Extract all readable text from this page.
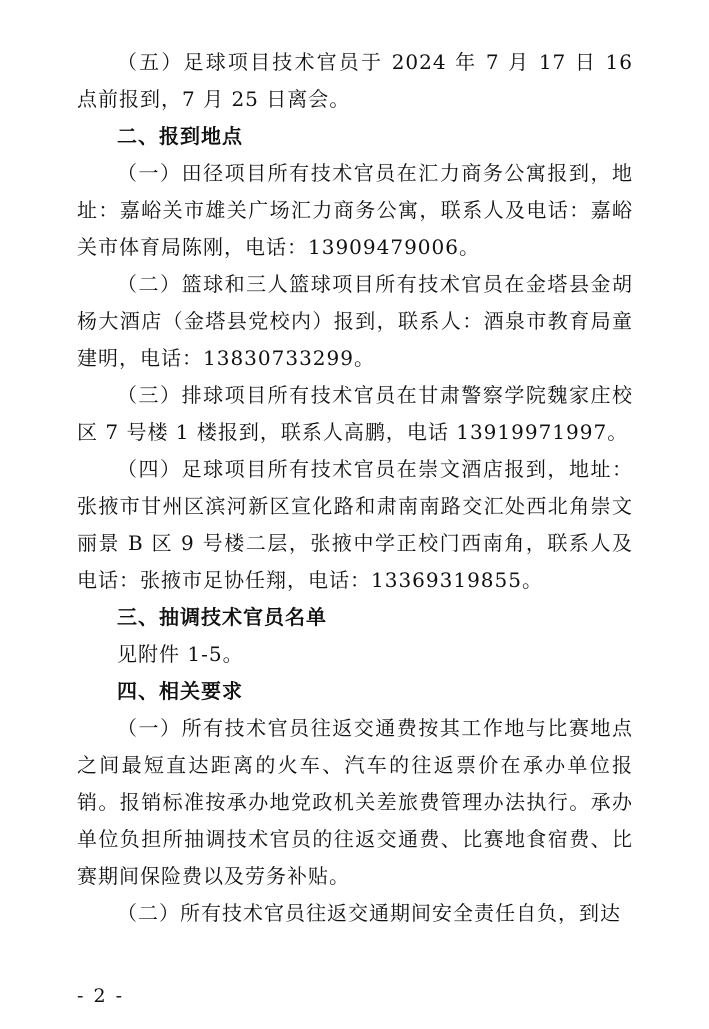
（五）足球项目技术官员于 2024 年 7 月 17 日 16 点前报到，7 月 25 日离会。

二、报到地点

（一）田径项目所有技术官员在汇力商务公寓报到，地址：嘉峪关市雄关广场汇力商务公寓，联系人及电话：嘉峪关市体育局陈刚，电话：13909479006。

（二）篮球和三人篮球项目所有技术官员在金塔县金胡杨大酒店（金塔县党校内）报到，联系人：酒泉市教育局童建明，电话：13830733299。

（三）排球项目所有技术官员在甘肃警察学院魏家庄校区 7 号楼 1 楼报到，联系人高鹏，电话 13919971997。

（四）足球项目所有技术官员在崇文酒店报到，地址：张掖市甘州区滨河新区宣化路和肃南南路交汇处西北角崇文丽景 B 区 9 号楼二层，张掖中学正校门西南角，联系人及电话：张掖市足协任翔，电话：13369319855。

三、抽调技术官员名单

见附件 1-5。

四、相关要求

（一）所有技术官员往返交通费按其工作地与比赛地点之间最短直达距离的火车、汽车的往返票价在承办单位报销。报销标准按承办地党政机关差旅费管理办法执行。承办单位负担所抽调技术官员的往返交通费、比赛地食宿费、比赛期间保险费以及劳务补贴。

（二）所有技术官员往返交通期间安全责任自负，到达

- 2 -
